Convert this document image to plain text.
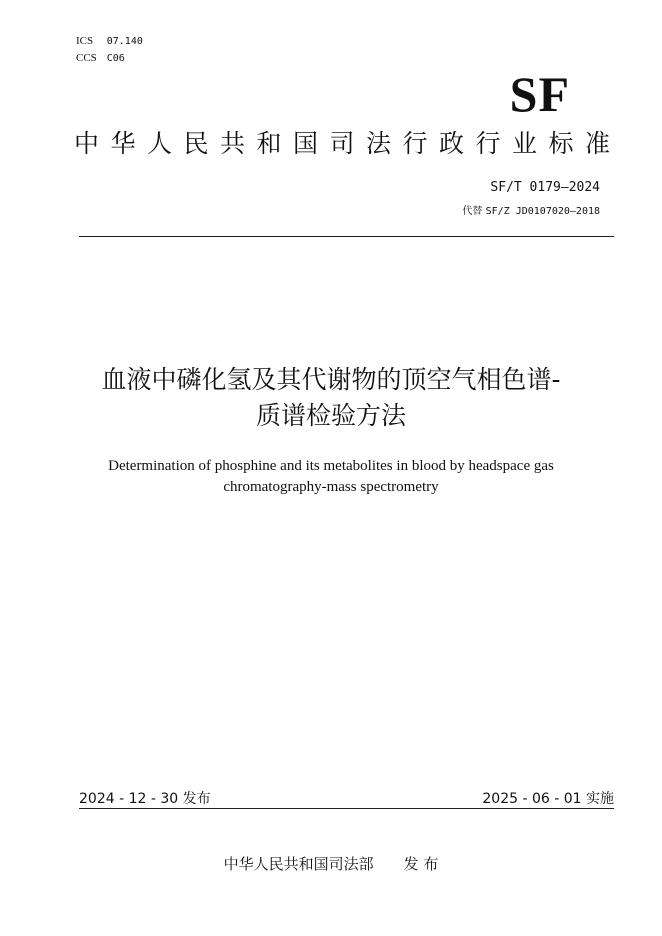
ICS 07.140
CCS C06
SF
中华人民共和国司法行政行业标准
SF/T 0179—2024
代替 SF/Z JD0107020—2018
血液中磷化氢及其代谢物的顶空气相色谱-
质谱检验方法
Determination of phosphine and its metabolites in blood by headspace gas
chromatography-mass spectrometry
2024 - 12 - 30 发布	2025 - 06 - 01 实施
中华人民共和国司法部 发 布
